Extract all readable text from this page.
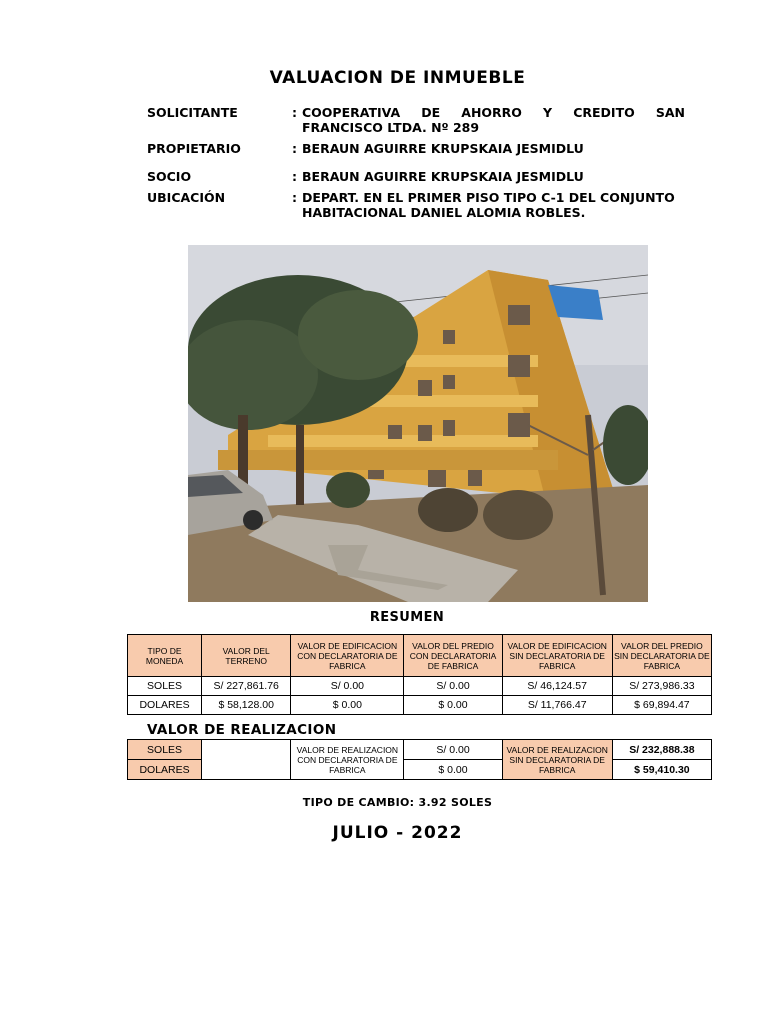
VALUACION DE INMUEBLE
SOLICITANTE	: COOPERATIVA DE AHORRO Y CREDITO SAN FRANCISCO LTDA. Nº 289
PROPIETARIO	: BERAUN AGUIRRE KRUPSKAIA JESMIDLU
SOCIO	: BERAUN AGUIRRE KRUPSKAIA JESMIDLU
UBICACIÓN	: DEPART. EN EL PRIMER PISO TIPO C-1 DEL CONJUNTO HABITACIONAL DANIEL ALOMIA ROBLES.
RESUMEN
TIPO DE MONEDA	VALOR DEL TERRENO	VALOR DE EDIFICACION CON DECLARATORIA DE FABRICA	VALOR DEL PREDIO CON DECLARATORIA DE FABRICA	VALOR DE EDIFICACION SIN DECLARATORIA DE FABRICA	VALOR DEL PREDIO SIN DECLARATORIA DE FABRICA
SOLES	S/ 227,861.76	S/ 0.00	S/ 0.00	S/ 46,124.57	S/ 273,986.33
DOLARES	$ 58,128.00	$ 0.00	$ 0.00	S/ 11,766.47	$ 69,894.47
VALOR DE REALIZACION
SOLES		VALOR DE REALIZACION CON DECLARATORIA DE FABRICA	S/ 0.00	VALOR DE REALIZACION SIN DECLARATORIA DE FABRICA	S/ 232,888.38
DOLARES			$ 0.00		$ 59,410.30
TIPO DE CAMBIO: 3.92 SOLES
JULIO - 2022
